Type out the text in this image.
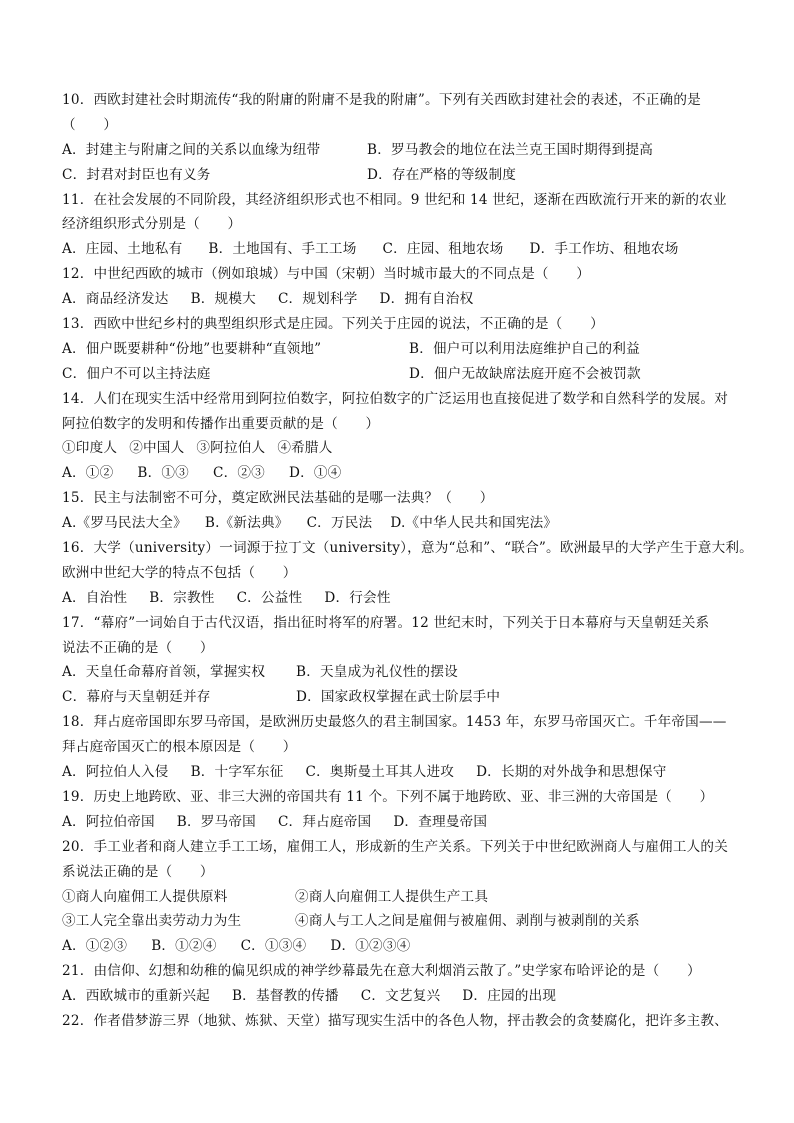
10．西欧封建社会时期流传“我的附庸的附庸不是我的附庸”。下列有关西欧封建社会的表述，不正确的是
（　　）
A．封建主与附庸之间的关系以血缘为纽带	B．罗马教会的地位在法兰克王国时期得到提高
C．封君对封臣也有义务	D．存在严格的等级制度
11．在社会发展的不同阶段，其经济组织形式也不相同。9 世纪和 14 世纪，逐渐在西欧流行开来的新的农业
经济组织形式分别是（　　）
A．庄园、土地私有 B．土地国有、手工工场 C．庄园、租地农场 D．手工作坊、租地农场
12．中世纪西欧的城市（例如琅城）与中国（宋朝）当时城市最大的不同点是（　　）
A．商品经济发达 B．规模大 C．规划科学 D．拥有自治权
13．西欧中世纪乡村的典型组织形式是庄园。下列关于庄园的说法，不正确的是（　　）
A．佃户既要耕种“份地”也要耕种“直领地”	B．佃户可以利用法庭维护自己的利益
C．佃户不可以主持法庭	D．佃户无故缺席法庭开庭不会被罚款
14．人们在现实生活中经常用到阿拉伯数字，阿拉伯数字的广泛运用也直接促进了数学和自然科学的发展。对
阿拉伯数字的发明和传播作出重要贡献的是（　　）
①印度人 ②中国人 ③阿拉伯人 ④希腊人
A．①② B．①③ C．②③ D．①④
15．民主与法制密不可分，奠定欧洲民法基础的是哪一法典？（　　）
A.《罗马民法大全》 B.《新法典》 C．万民法 D.《中华人民共和国宪法》
16．大学（university）一词源于拉丁文（university），意为“总和”、“联合”。欧洲最早的大学产生于意大利。
欧洲中世纪大学的特点不包括（　　）
A．自治性 B．宗教性 C．公益性 D．行会性
17．“幕府”一词始自于古代汉语，指出征时将军的府署。12 世纪末时，下列关于日本幕府与天皇朝廷关系
说法不正确的是（　　）
A．天皇任命幕府首领，掌握实权	B．天皇成为礼仪性的摆设
C．幕府与天皇朝廷并存	D．国家政权掌握在武士阶层手中
18．拜占庭帝国即东罗马帝国，是欧洲历史最悠久的君主制国家。1453 年，东罗马帝国灭亡。千年帝国——
拜占庭帝国灭亡的根本原因是（　　）
A．阿拉伯人入侵 B．十字军东征 C．奥斯曼土耳其人进攻 D．长期的对外战争和思想保守
19．历史上地跨欧、亚、非三大洲的帝国共有 11 个。下列不属于地跨欧、亚、非三洲的大帝国是（　　）
A．阿拉伯帝国 B．罗马帝国 C．拜占庭帝国 D．查理曼帝国
20．手工业者和商人建立手工工场，雇佣工人，形成新的生产关系。下列关于中世纪欧洲商人与雇佣工人的关
系说法正确的是（　　）
①商人向雇佣工人提供原料	②商人向雇佣工人提供生产工具
③工人完全靠出卖劳动力为生	④商人与工人之间是雇佣与被雇佣、剥削与被剥削的关系
A．①②③ B．①②④ C．①③④ D．①②③④
21．由信仰、幻想和幼稚的偏见织成的神学纱幕最先在意大利烟消云散了。”史学家布哈评论的是（　　）
A．西欧城市的重新兴起 B．基督教的传播 C．文艺复兴 D．庄园的出现
22．作者借梦游三界（地狱、炼狱、天堂）描写现实生活中的各色人物，抨击教会的贪婪腐化，把许多主教、
